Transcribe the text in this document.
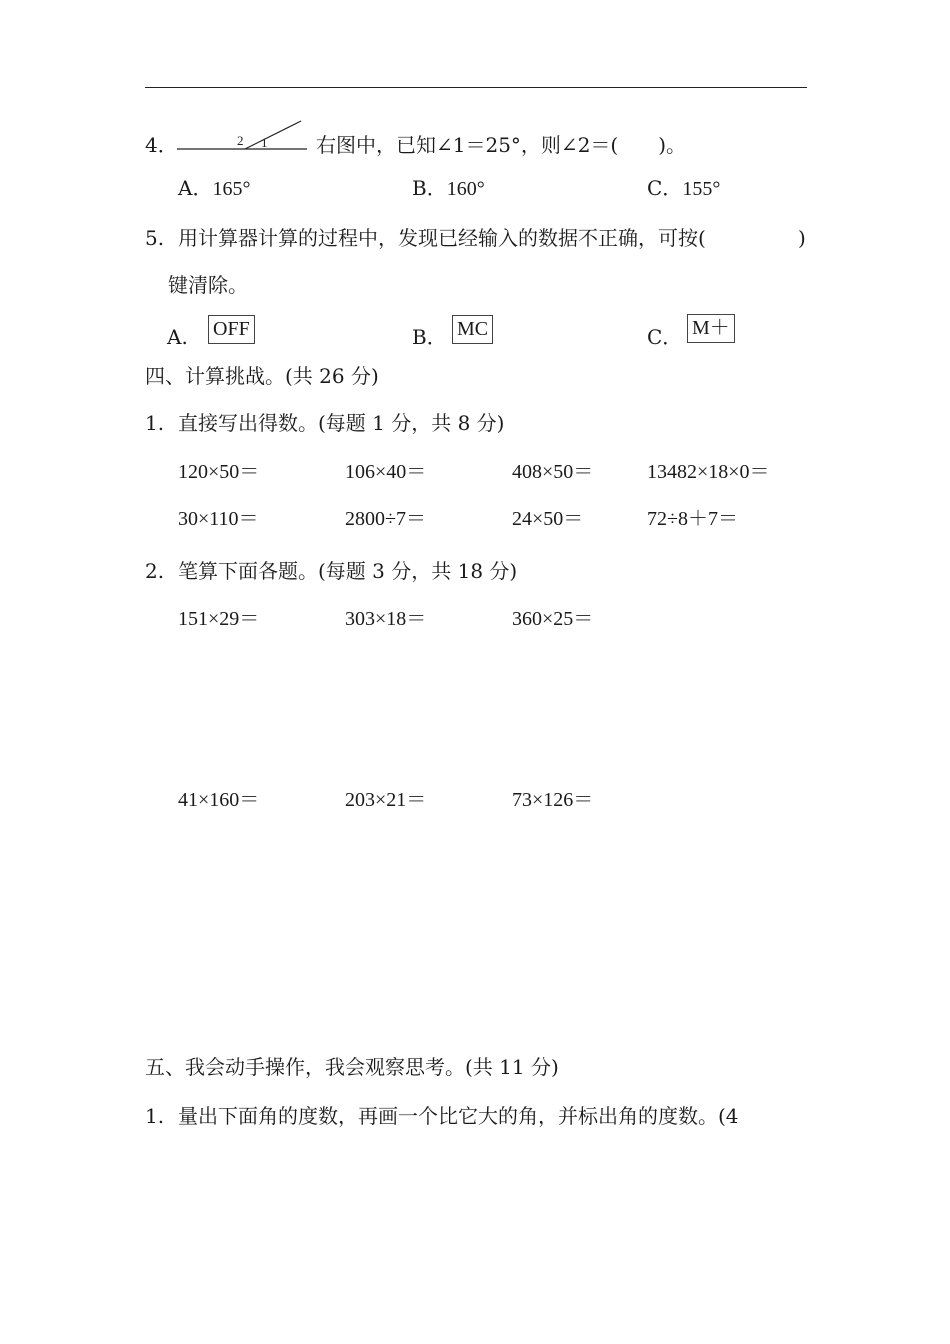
4．	2 1 右图中，已知∠1＝25°，则∠2＝(　　)。
A．165°	B．160°	C．155°
5. 用计算器计算的过程中，发现已经输入的数据不正确，可按(	)
键清除。
A. OFF	B． MC	C． M＋
四、计算挑战。(共 26 分)
1. 直接写出得数。(每题 1 分，共 8 分)
120×50＝	106×40＝	408×50＝	13482×18×0＝
30×110＝	2800÷7＝	24×50＝	72÷8＋7＝
2. 笔算下面各题。(每题 3 分，共 18 分)
151×29＝	303×18＝	360×25＝
41×160＝	203×21＝	73×126＝
五、我会动手操作，我会观察思考。(共 11 分)
1. 量出下面角的度数，再画一个比它大的角，并标出角的度数。(4
